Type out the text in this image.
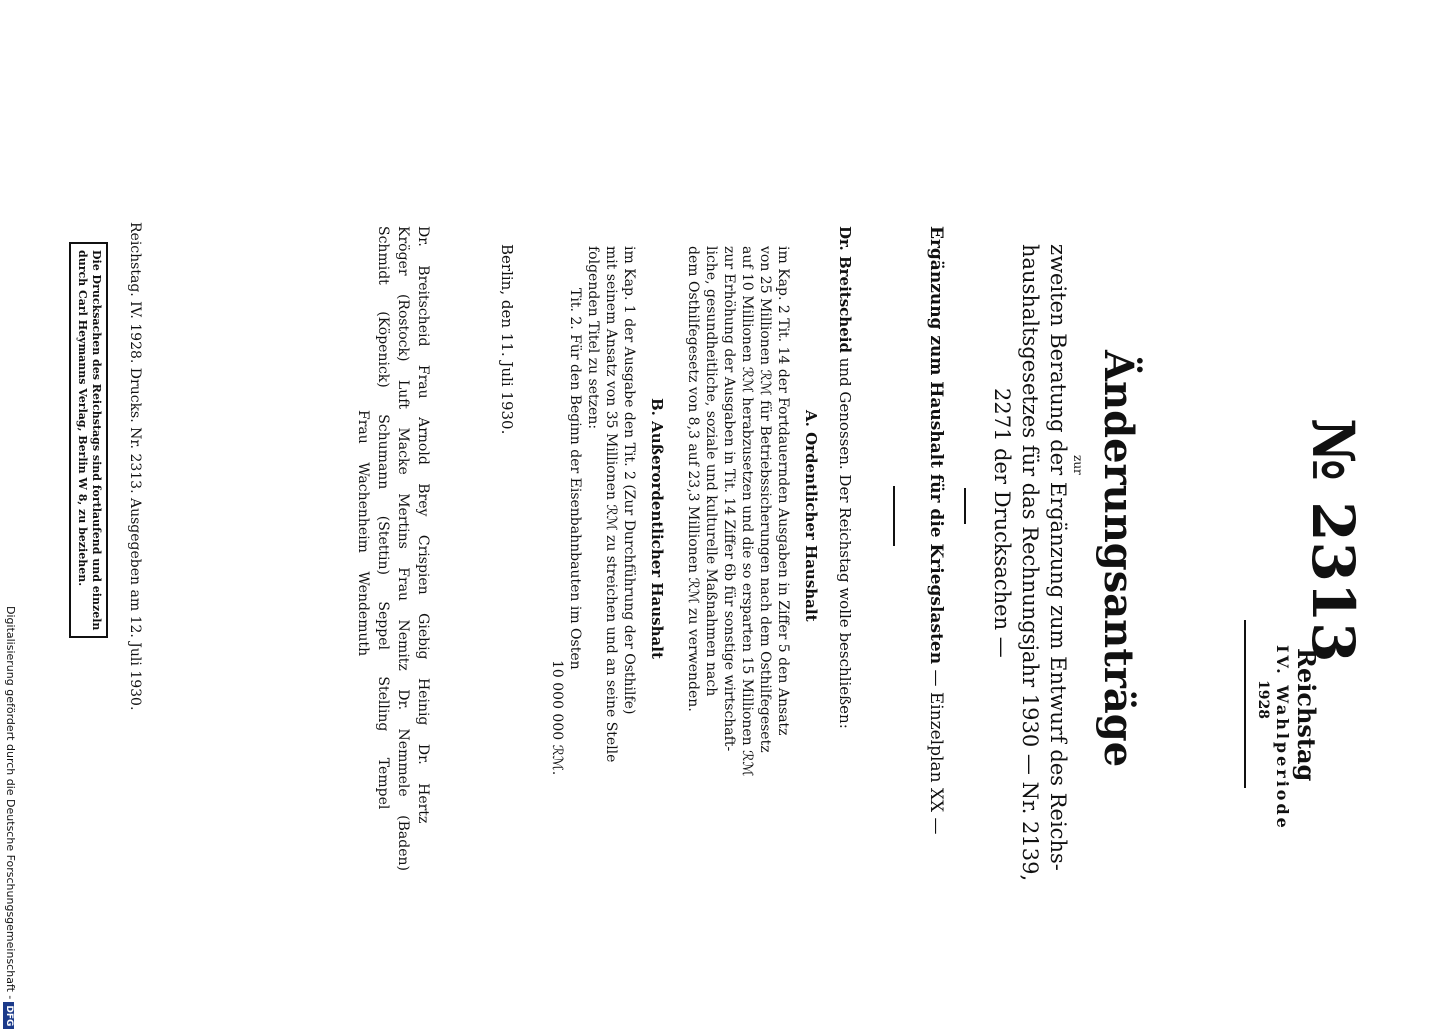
№ 2313
Reichstag
IV. Wahlperiode
1928
Änderungsanträge
zur
zweiten Beratung der Ergänzung zum Entwurf des Reichs-
haushaltsgesetzes für das Rechnungsjahr 1930 — Nr. 2139,
2271 der Drucksachen —
Ergänzung zum Haushalt für die Kriegslasten — Einzelplan XX —
Dr. Breitscheid und Genossen. Der Reichstag wolle beschließen:
A. Ordentlicher Haushalt
im Kap. 2 Tit. 14 der Fortdauernden Ausgaben in Ziffer 5 den Ansatz
von 25 Millionen ℛℳ für Betriebssicherungen nach dem Osthilfegesetz
auf 10 Millionen ℛℳ herabzusetzen und die so ersparten 15 Millionen ℛℳ
zur Erhöhung der Ausgaben in Tit. 14 Ziffer 6b für sonstige wirtschaft-
liche, gesundheitliche, soziale und kulturelle Maßnahmen nach
dem Osthilfegesetz von 8,3 auf 23,3 Millionen ℛℳ zu verwenden.
B. Außerordentlicher Haushalt
im Kap. 1 der Ausgabe den Tit. 2 (Zur Durchführung der Osthilfe)
mit seinem Ansatz von 35 Millionen ℛℳ zu streichen und an seine Stelle
folgenden Titel zu setzen:
Tit. 2. Für den Beginn der Eisenbahnbauten im Osten
10 000 000 ℛℳ.
Berlin, den 11. Juli 1930.
Dr. Breitscheid Frau Arnold Brey Crispien Giebig Heinig Dr. Hertz
Kröger (Rostock) Luft Macke Mertins Frau Nemitz Dr. Nemmele (Baden)
Schmidt (Köpenick) Schumann (Stettin) Seppel Stelling Tempel
Frau Wachenheim Wendemuth
Reichstag. IV. 1928. Drucks. Nr. 2313. Ausgegeben am 12. Juli 1930.
Die Drucksachen des Reichstags sind fortlaufend und einzeln
durch Carl Heymanns Verlag, Berlin W 8, zu beziehen.
Digitalisierung gefördert durch die Deutsche Forschungsgemeinschaft -DFG
